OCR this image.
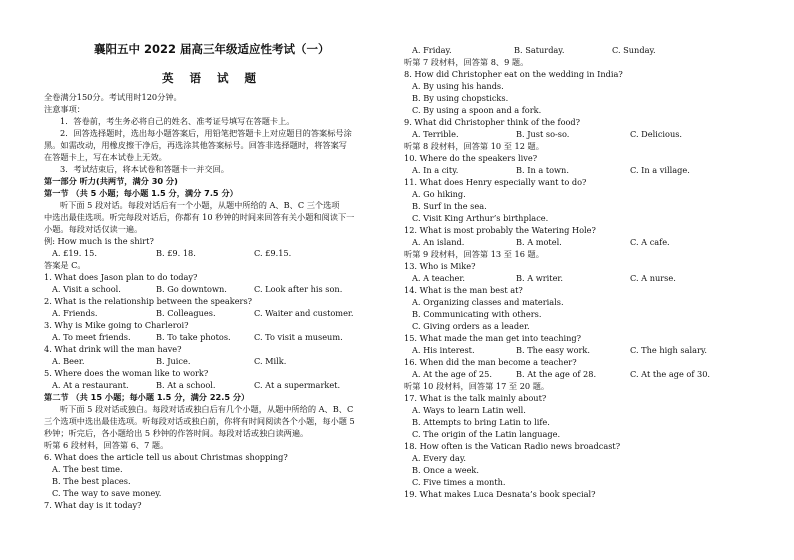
襄阳五中 2022 届高三年级适应性考试（一）
英 语 试 题
全卷满分150分。考试用时120分钟。
注意事项：
1．答卷前，考生务必将自己的姓名、准考证号填写在答题卡上。
2．回答选择题时，选出每小题答案后，用铅笔把答题卡上对应题目的答案标号涂
黑。如需改动，用橡皮擦干净后，再选涂其他答案标号。回答非选择题时，将答案写
在答题卡上，写在本试卷上无效。
3．考试结束后，将本试卷和答题卡一并交回。
第一部分 听力(共两节，满分 30 分)
第一节 （共 5 小题；每小题 1.5 分，满分 7.5 分）
听下面 5 段对话。每段对话后有一个小题，从题中所给的 A、B、C 三个选项
中选出最佳选项。听完每段对话后，你都有 10 秒钟的时间来回答有关小题和阅读下一
小题。每段对话仅读一遍。
例: How much is the shirt?
A. £19. 15.	B. £9. 18.	C. £9.15.
答案是 C。
1. What does Jason plan to do today?
A. Visit a school.	B. Go downtown.	C. Look after his son.
2. What is the relationship between the speakers?
A. Friends.	B. Colleagues.	C. Waiter and customer.
3. Why is Mike going to Charleroi?
A. To meet friends.	B. To take photos.	C. To visit a museum.
4. What drink will the man have?
A. Beer.	B. Juice.	C. Milk.
5. Where does the woman like to work?
A. At a restaurant.	B. At a school.	C. At a supermarket.
第二节 （共 15 小题；每小题 1.5 分，满分 22.5 分）
听下面 5 段对话或独白。每段对话或独白后有几个小题，从题中所给的 A、B、C
三个选项中选出最佳选项。听每段对话或独白前，你将有时间阅读各个小题，每小题 5
秒钟；听完后，各小题给出 5 秒钟的作答时间。每段对话或独白读两遍。
听第 6 段材料，回答第 6、7 题。
6. What does the article tell us about Christmas shopping?
A. The best time.
B. The best places.
C. The way to save money.
7. What day is it today?
A. Friday.	B. Saturday.	C. Sunday.
听第 7 段材料，回答第 8、9 题。
8. How did Christopher eat on the wedding in India?
A. By using his hands.
B. By using chopsticks.
C. By using a spoon and a fork.
9. What did Christopher think of the food?
A. Terrible.	B. Just so-so.	C. Delicious.
听第 8 段材料，回答第 10 至 12 题。
10. Where do the speakers live?
A. In a city.	B. In a town.	C. In a village.
11. What does Henry especially want to do?
A. Go hiking.
B. Surf in the sea.
C. Visit King Arthur’s birthplace.
12. What is most probably the Watering Hole?
A. An island.	B. A motel.	C. A cafe.
听第 9 段材料，回答第 13 至 16 题。
13. Who is Mike?
A. A teacher.	B. A writer.	C. A nurse.
14. What is the man best at?
A. Organizing classes and materials.
B. Communicating with others.
C. Giving orders as a leader.
15. What made the man get into teaching?
A. His interest.	B. The easy work.	C. The high salary.
16. When did the man become a teacher?
A. At the age of 25.	B. At the age of 28.	C. At the age of 30.
听第 10 段材料，回答第 17 至 20 题。
17. What is the talk mainly about?
A. Ways to learn Latin well.
B. Attempts to bring Latin to life.
C. The origin of the Latin language.
18. How often is the Vatican Radio news broadcast?
A. Every day.
B. Once a week.
C. Five times a month.
19. What makes Luca Desnata’s book special?
